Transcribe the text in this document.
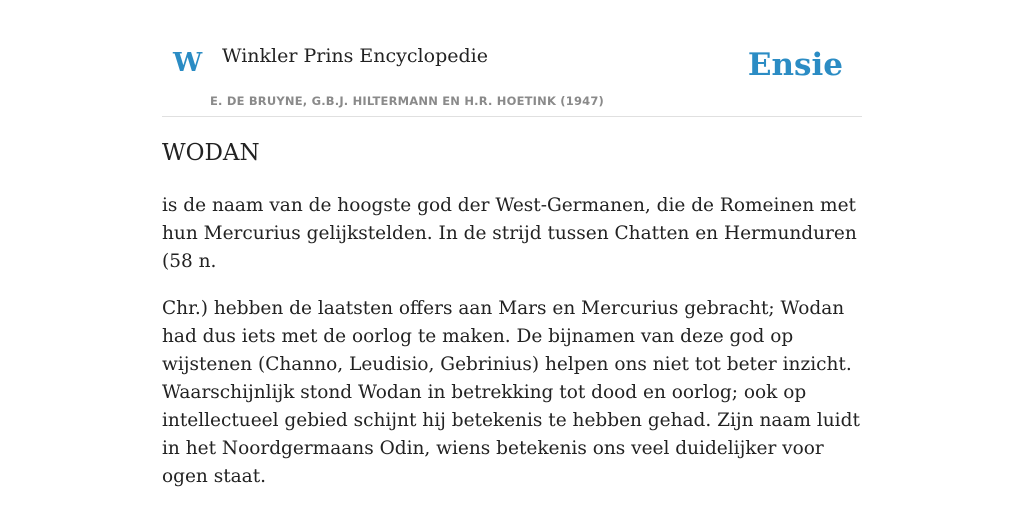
W Winkler Prins Encyclopedie
E. DE BRUYNE, G.B.J. HILTERMANN EN H.R. HOETINK (1947)
Ensie
WODAN

is de naam van de hoogste god der West-Germanen, die de Romeinen met hun Mercurius gelijkstelden. In de strijd tussen Chatten en Hermunduren (58 n.

Chr.) hebben de laatsten offers aan Mars en Mercurius gebracht; Wodan had dus iets met de oorlog te maken. De bijnamen van deze god op wijstenen (Channo, Leudisio, Gebrinius) helpen ons niet tot beter inzicht. Waarschijnlijk stond Wodan in betrekking tot dood en oorlog; ook op intellectueel gebied schijnt hij betekenis te hebben gehad. Zijn naam luidt in het Noordgermaans Odin, wiens betekenis ons veel duidelijker voor ogen staat.
